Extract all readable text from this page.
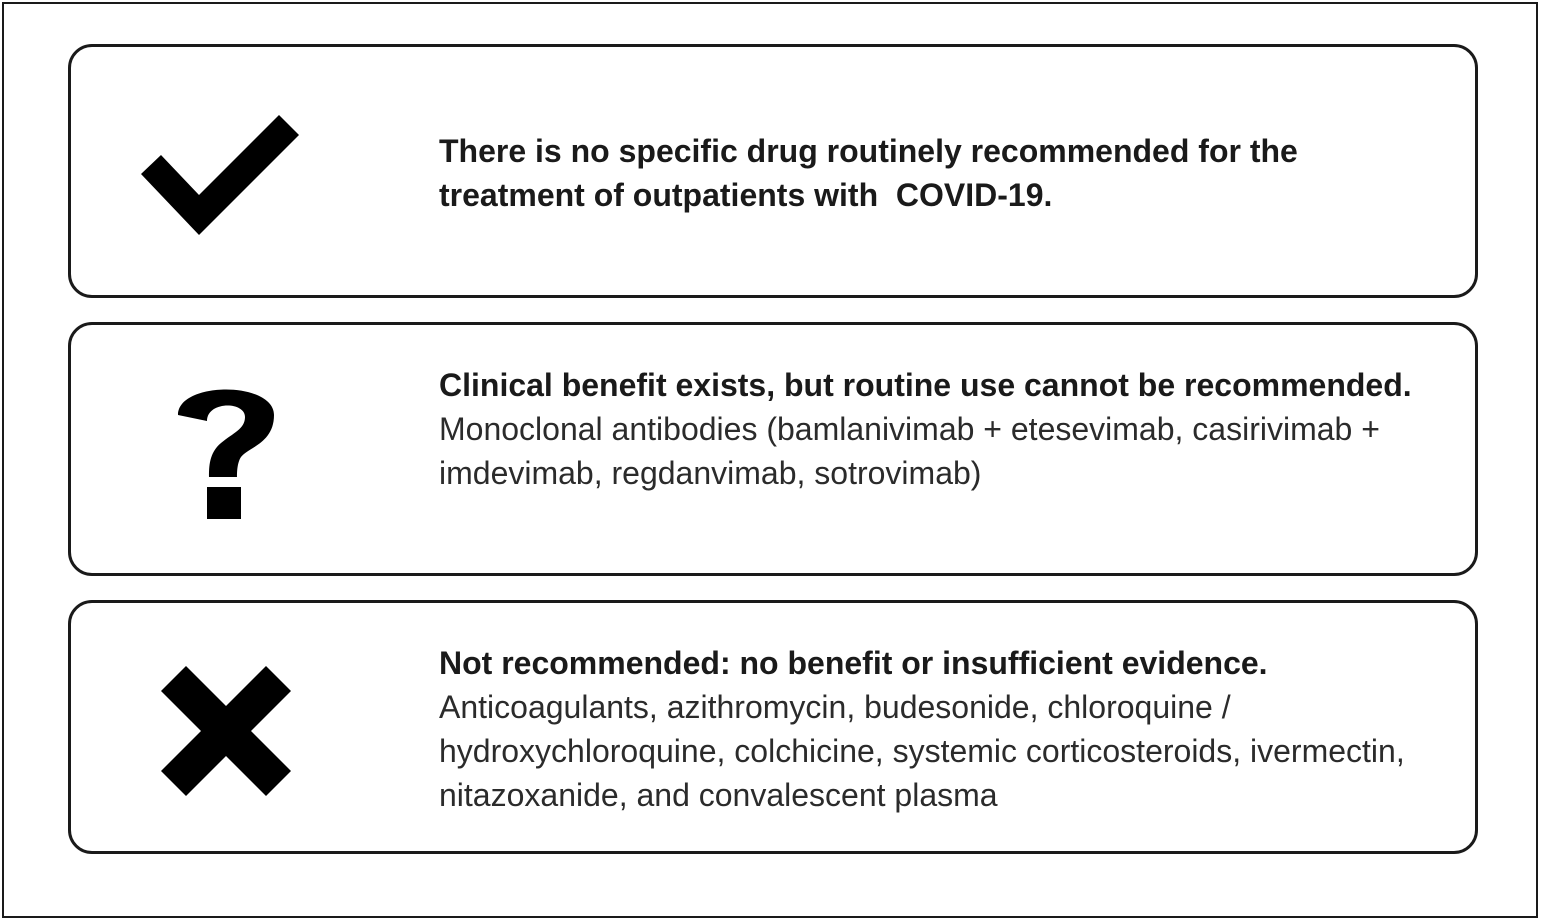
There is no specific drug routinely recommended for the treatment of outpatients with  COVID-19.
Clinical benefit exists, but routine use cannot be recommended.
Monoclonal antibodies (bamlanivimab + etesevimab, casirivimab + imdevimab, regdanvimab, sotrovimab)
Not recommended: no benefit or insufficient evidence.
Anticoagulants, azithromycin, budesonide, chloroquine / hydroxychloroquine, colchicine, systemic corticosteroids, ivermectin, nitazoxanide, and convalescent plasma
